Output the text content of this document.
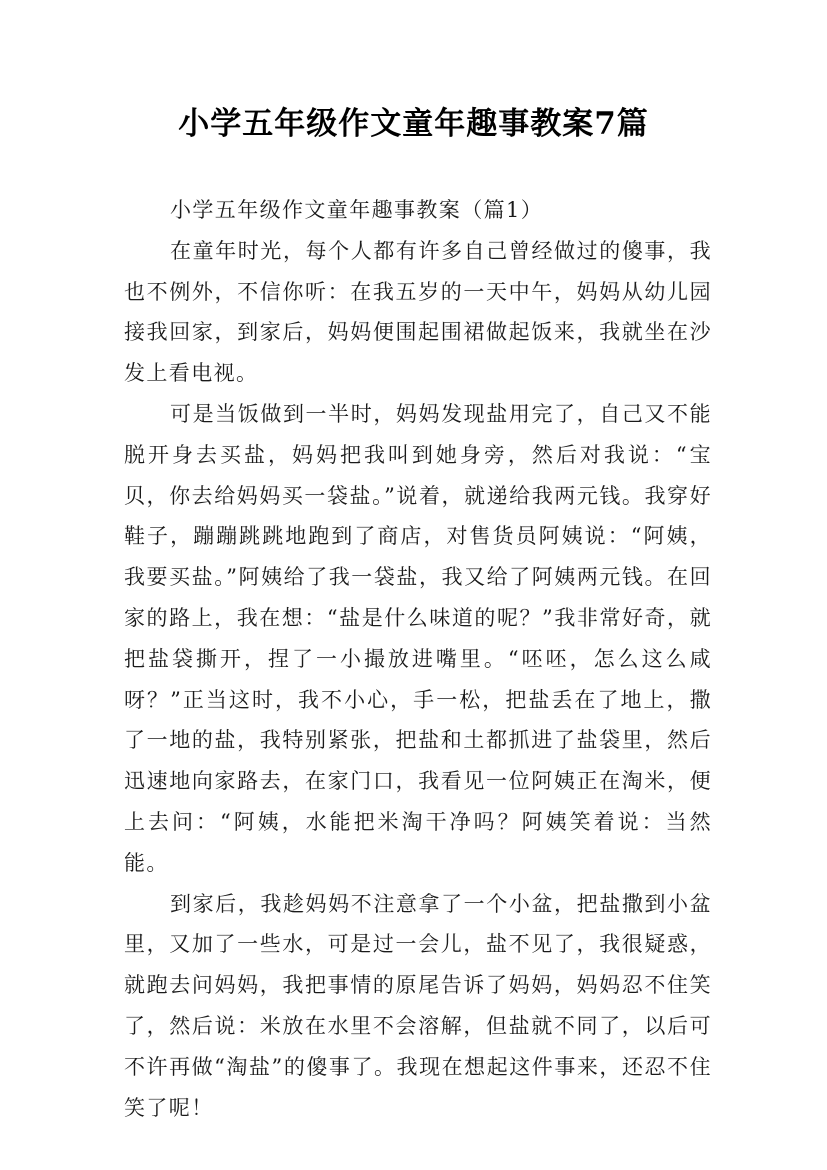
小学五年级作文童年趣事教案7篇

小学五年级作文童年趣事教案（篇1）

在童年时光，每个人都有许多自己曾经做过的傻事，我也不例外，不信你听：在我五岁的一天中午，妈妈从幼儿园接我回家，到家后，妈妈便围起围裙做起饭来，我就坐在沙发上看电视。

可是当饭做到一半时，妈妈发现盐用完了，自己又不能脱开身去买盐，妈妈把我叫到她身旁，然后对我说：“宝贝，你去给妈妈买一袋盐。”说着，就递给我两元钱。我穿好鞋子，蹦蹦跳跳地跑到了商店，对售货员阿姨说：“阿姨，我要买盐。”阿姨给了我一袋盐，我又给了阿姨两元钱。在回家的路上，我在想：“盐是什么味道的呢？”我非常好奇，就把盐袋撕开，捏了一小撮放进嘴里。“呸呸，怎么这么咸呀？”正当这时，我不小心，手一松，把盐丢在了地上，撒了一地的盐，我特别紧张，把盐和土都抓进了盐袋里，然后迅速地向家路去，在家门口，我看见一位阿姨正在淘米，便上去问：“阿姨，水能把米淘干净吗？阿姨笑着说：当然能。

到家后，我趁妈妈不注意拿了一个小盆，把盐撒到小盆里，又加了一些水，可是过一会儿，盐不见了，我很疑惑，就跑去问妈妈，我把事情的原尾告诉了妈妈，妈妈忍不住笑了，然后说：米放在水里不会溶解，但盐就不同了，以后可不许再做“淘盐”的傻事了。我现在想起这件事来，还忍不住笑了呢！
